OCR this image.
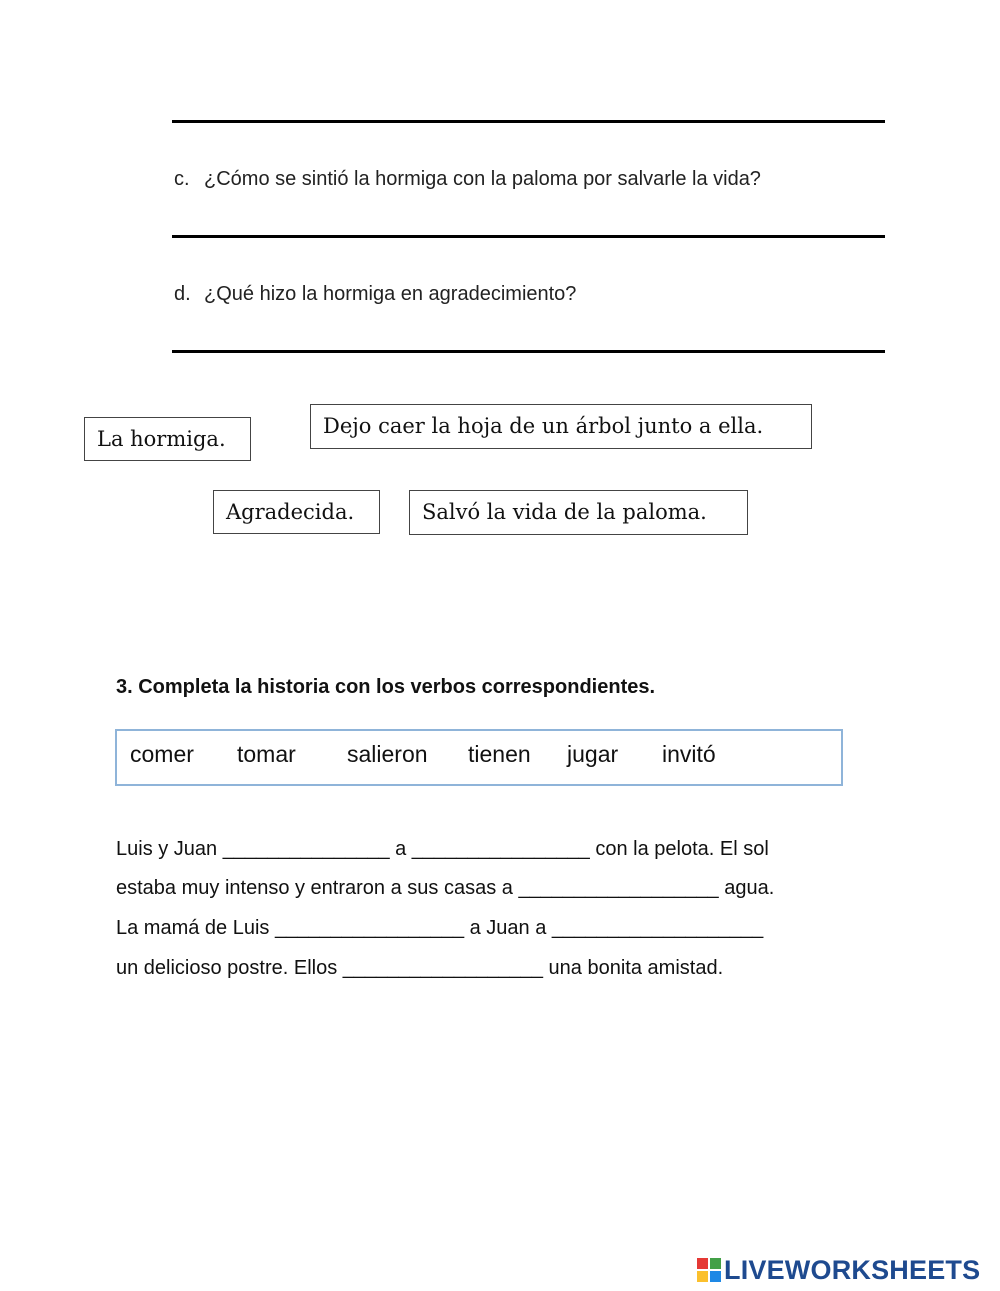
c. ¿Cómo se sintió la hormiga con la paloma por salvarle la vida?
d. ¿Qué hizo la hormiga en agradecimiento?
La hormiga.
Dejo caer la hoja de un árbol junto a ella.
Agradecida.	Salvó la vida de la paloma.
3. Completa la historia con los verbos correspondientes.
comer tomar salieron tienen jugar invitó
Luis y Juan _______________ a ________________ con la pelota. El sol
estaba muy intenso y entraron a sus casas a __________________ agua.
La mamá de Luis _________________ a Juan a ___________________
un delicioso postre. Ellos __________________ una bonita amistad.
LIVEWORKSHEETS
